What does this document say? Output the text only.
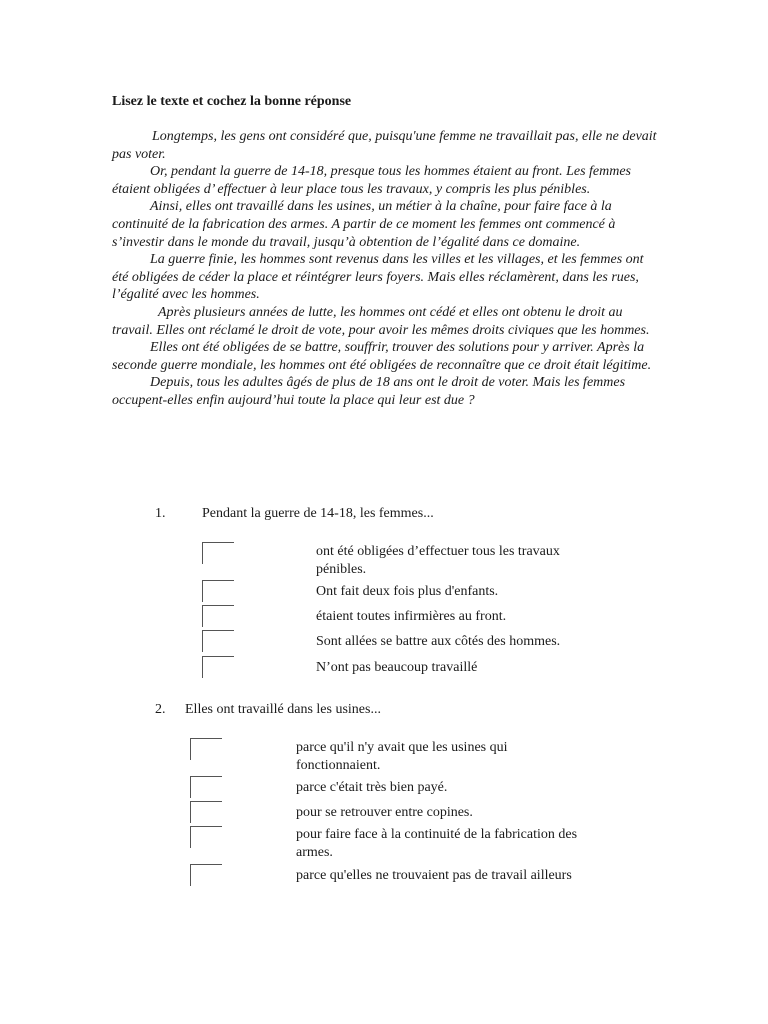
Lisez le texte et cochez la bonne réponse

Longtemps, les gens ont considéré que, puisqu'une femme ne travaillait pas, elle ne devait pas voter.

Or, pendant la guerre de 14-18, presque tous les hommes étaient au front. Les femmes étaient obligées d’ effectuer à leur place tous les travaux, y compris les plus pénibles.

Ainsi, elles ont travaillé dans les usines, un métier à la chaîne, pour faire face à la continuité de la fabrication des armes. A partir de ce moment les femmes ont commencé à s’investir dans le monde du travail, jusqu’à obtention de l’égalité dans ce domaine.

La guerre finie, les hommes sont revenus dans les villes et les villages, et les femmes ont été obligées de céder la place et réintégrer leurs foyers. Mais elles réclamèrent, dans les rues, l’égalité avec les hommes.

Après plusieurs années de lutte, les hommes ont cédé et elles ont obtenu le droit au travail. Elles ont réclamé le droit de vote, pour avoir les mêmes droits civiques que les hommes.

Elles ont été obligées de se battre, souffrir, trouver des solutions pour y arriver. Après la seconde guerre mondiale, les hommes ont été obligées de reconnaître que ce droit était légitime.

Depuis, tous les adultes âgés de plus de 18 ans ont le droit de voter. Mais les femmes occupent-elles enfin aujourd’hui toute la place qui leur est due ?

1.	Pendant la guerre de 14-18, les femmes...
ont été obligées d’effectuer tous les travaux pénibles.
Ont fait deux fois plus d'enfants.
étaient toutes infirmières au front.
Sont allées se battre aux côtés des hommes.
N’ont pas beaucoup travaillé
2. Elles ont travaillé dans les usines...
parce qu'il n'y avait que les usines qui fonctionnaient.
parce c'était très bien payé.
pour se retrouver entre copines.
pour faire face à la continuité de la fabrication des armes.
parce qu'elles ne trouvaient pas de travail ailleurs
